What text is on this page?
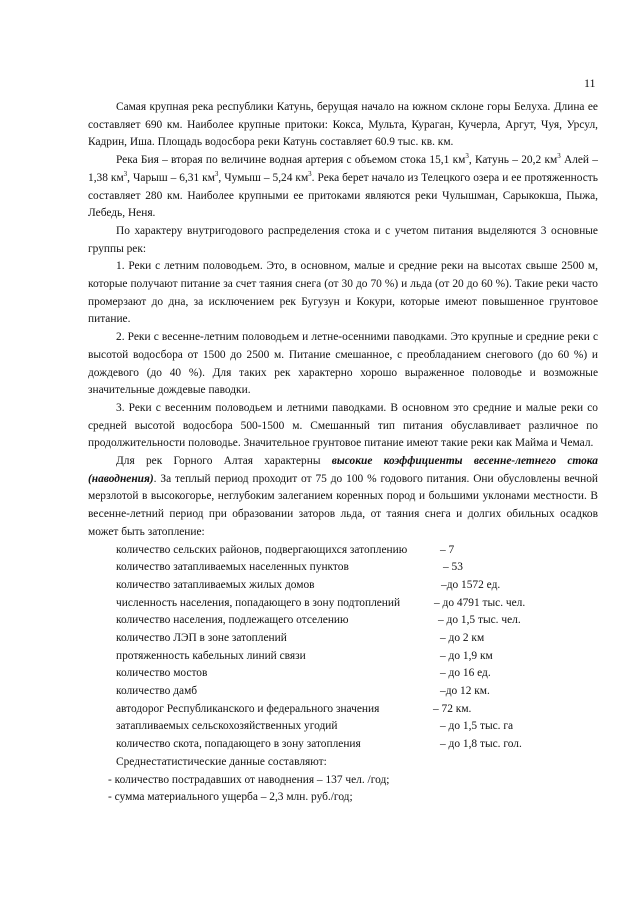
11

Самая крупная река республики Катунь, берущая начало на южном склоне горы Белуха. Длина ее составляет 690 км. Наиболее крупные притоки: Кокса, Мульта, Кураган, Кучерла, Аргут, Чуя, Урсул, Кадрин, Иша. Площадь водосбора реки Катунь составляет 60.9 тыс. кв. км.

Река Бия – вторая по величине водная артерия с объемом стока 15,1 $км^3$, Катунь – 20,2 $км^3$ Алей – 1,38 $км^3$, Чарыш – 6,31 $км^3$, Чумыш – 5,24 $км^3$. Река берет начало из Телецкого озера и ее протяженность составляет 280 км. Наиболее крупными ее притоками являются реки Чулышман, Сарыкокша, Пыжа, Лебедь, Неня.

По характеру внутригодового распределения стока и с учетом питания выделяются 3 основные группы рек:

1. Реки с летним половодьем. Это, в основном, малые и средние реки на высотах свыше 2500 м, которые получают питание за счет таяния снега (от 30 до 70 %) и льда (от 20 до 60 %). Такие реки часто промерзают до дна, за исключением рек Бугузун и Кокури, которые имеют повышенное грунтовое питание.

2. Реки с весенне-летним половодьем и летне-осенними паводками. Это крупные и средние реки с высотой водосбора от 1500 до 2500 м. Питание смешанное, с преобладанием снегового (до 60 %) и дождевого (до 40 %). Для таких рек характерно хорошо выраженное половодье и возможные значительные дождевые паводки.

3. Реки с весенним половодьем и летними паводками. В основном это средние и малые реки со средней высотой водосбора 500-1500 м. Смешанный тип питания обуславливает различное по продолжительности половодье. Значительное грунтовое питание имеют такие реки как Майма и Чемал.

Для рек Горного Алтая характерны высокие коэффициенты весенне-летнего стока (наводнения). За теплый период проходит от 75 до 100 % годового питания. Они обусловлены вечной мерзлотой в высокогорье, неглубоким залеганием коренных пород и большими уклонами местности. В весенне-летний период при образовании заторов льда, от таяния снега и долгих обильных осадков может быть затопление:

количество сельских районов, подвергающихся затоплению	– 7
количество затапливаемых населенных пунктов	– 53
количество затапливаемых жилых домов	–до 1572 ед.
численность населения, попадающего в зону подтоплений	– до 4791 тыс. чел.
количество населения, подлежащего отселению	– до 1,5 тыс. чел.
количество ЛЭП в зоне затоплений	– до 2 км
протяженность кабельных линий связи	– до 1,9 км
количество мостов	– до 16 ед.
количество дамб	–до 12 км.
автодорог Республиканского и федерального значения	– 72 км.
затапливаемых сельскохозяйственных угодий	– до 1,5 тыс. га
количество скота, попадающего в зону затопления	– до 1,8 тыс. гол.
Среднестатистические данные составляют:
- количество пострадавших от наводнения – 137 чел. /год;
- сумма материального ущерба – 2,3 млн. руб./год;
